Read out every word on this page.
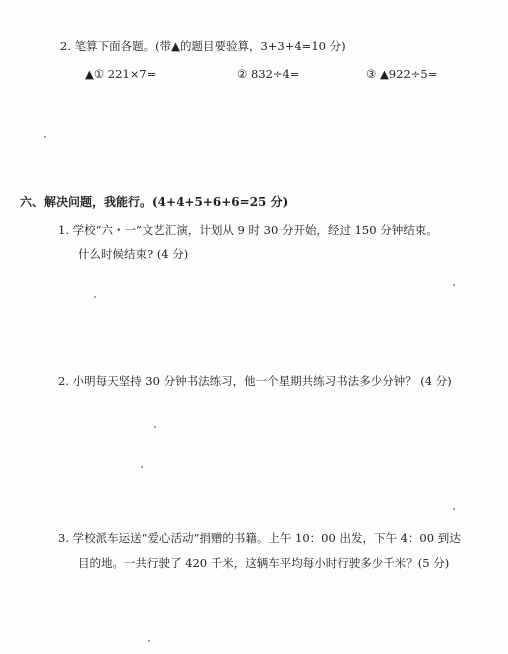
2. 笔算下面各题。(带▲的题目要验算，3+3+4=10 分)
▲① 221×7=	② 832÷4=	③ ▲922÷5=
六、解决问题，我能行。(4+4+5+6+6=25 分)
1. 学校“六・一”文艺汇演，计划从 9 时 30 分开始，经过 150 分钟结束。
什么时候结束? (4 分)
2. 小明每天坚持 30 分钟书法练习，他一个星期共练习书法多少分钟？ (4 分)
3. 学校派车运送“爱心活动”捐赠的书籍。上午 10：00 出发，下午 4：00 到达
目的地。一共行驶了 420 千米，这辆车平均每小时行驶多少千米？(5 分)
